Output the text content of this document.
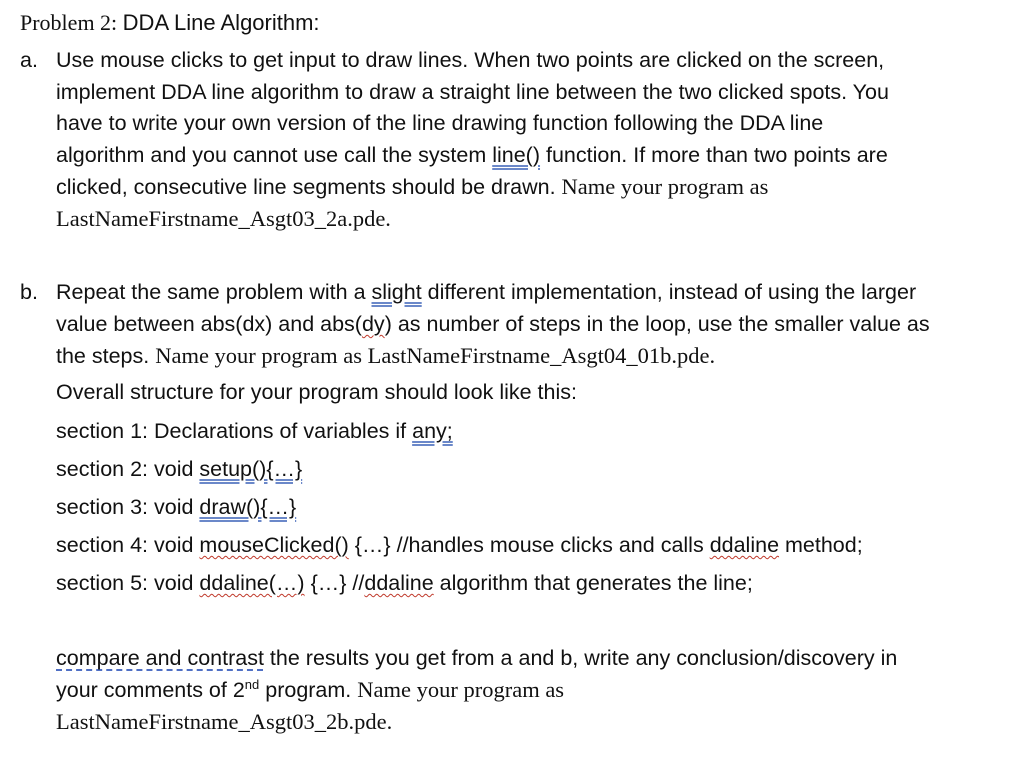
Problem 2: DDA Line Algorithm:
a. Use mouse clicks to get input to draw lines. When two points are clicked on the screen,
implement DDA line algorithm to draw a straight line between the two clicked spots. You
have to write your own version of the line drawing function following the DDA line
algorithm and you cannot use call the system line() function. If more than two points are
clicked, consecutive line segments should be drawn. Name your program as
LastNameFirstname_Asgt03_2a.pde.
b. Repeat the same problem with a slight different implementation, instead of using the larger
value between abs(dx) and abs(dy) as number of steps in the loop, use the smaller value as
the steps. Name your program as LastNameFirstname_Asgt04_01b.pde.
Overall structure for your program should look like this:
section 1: Declarations of variables if any;
section 2: void setup(){…}
section 3: void draw(){…}
section 4: void mouseClicked() {…} //handles mouse clicks and calls ddaline method;
section 5: void ddaline(…) {…} //ddaline algorithm that generates the line;
compare and contrast the results you get from a and b, write any conclusion/discovery in
your comments of 2nd program. Name your program as
LastNameFirstname_Asgt03_2b.pde.
